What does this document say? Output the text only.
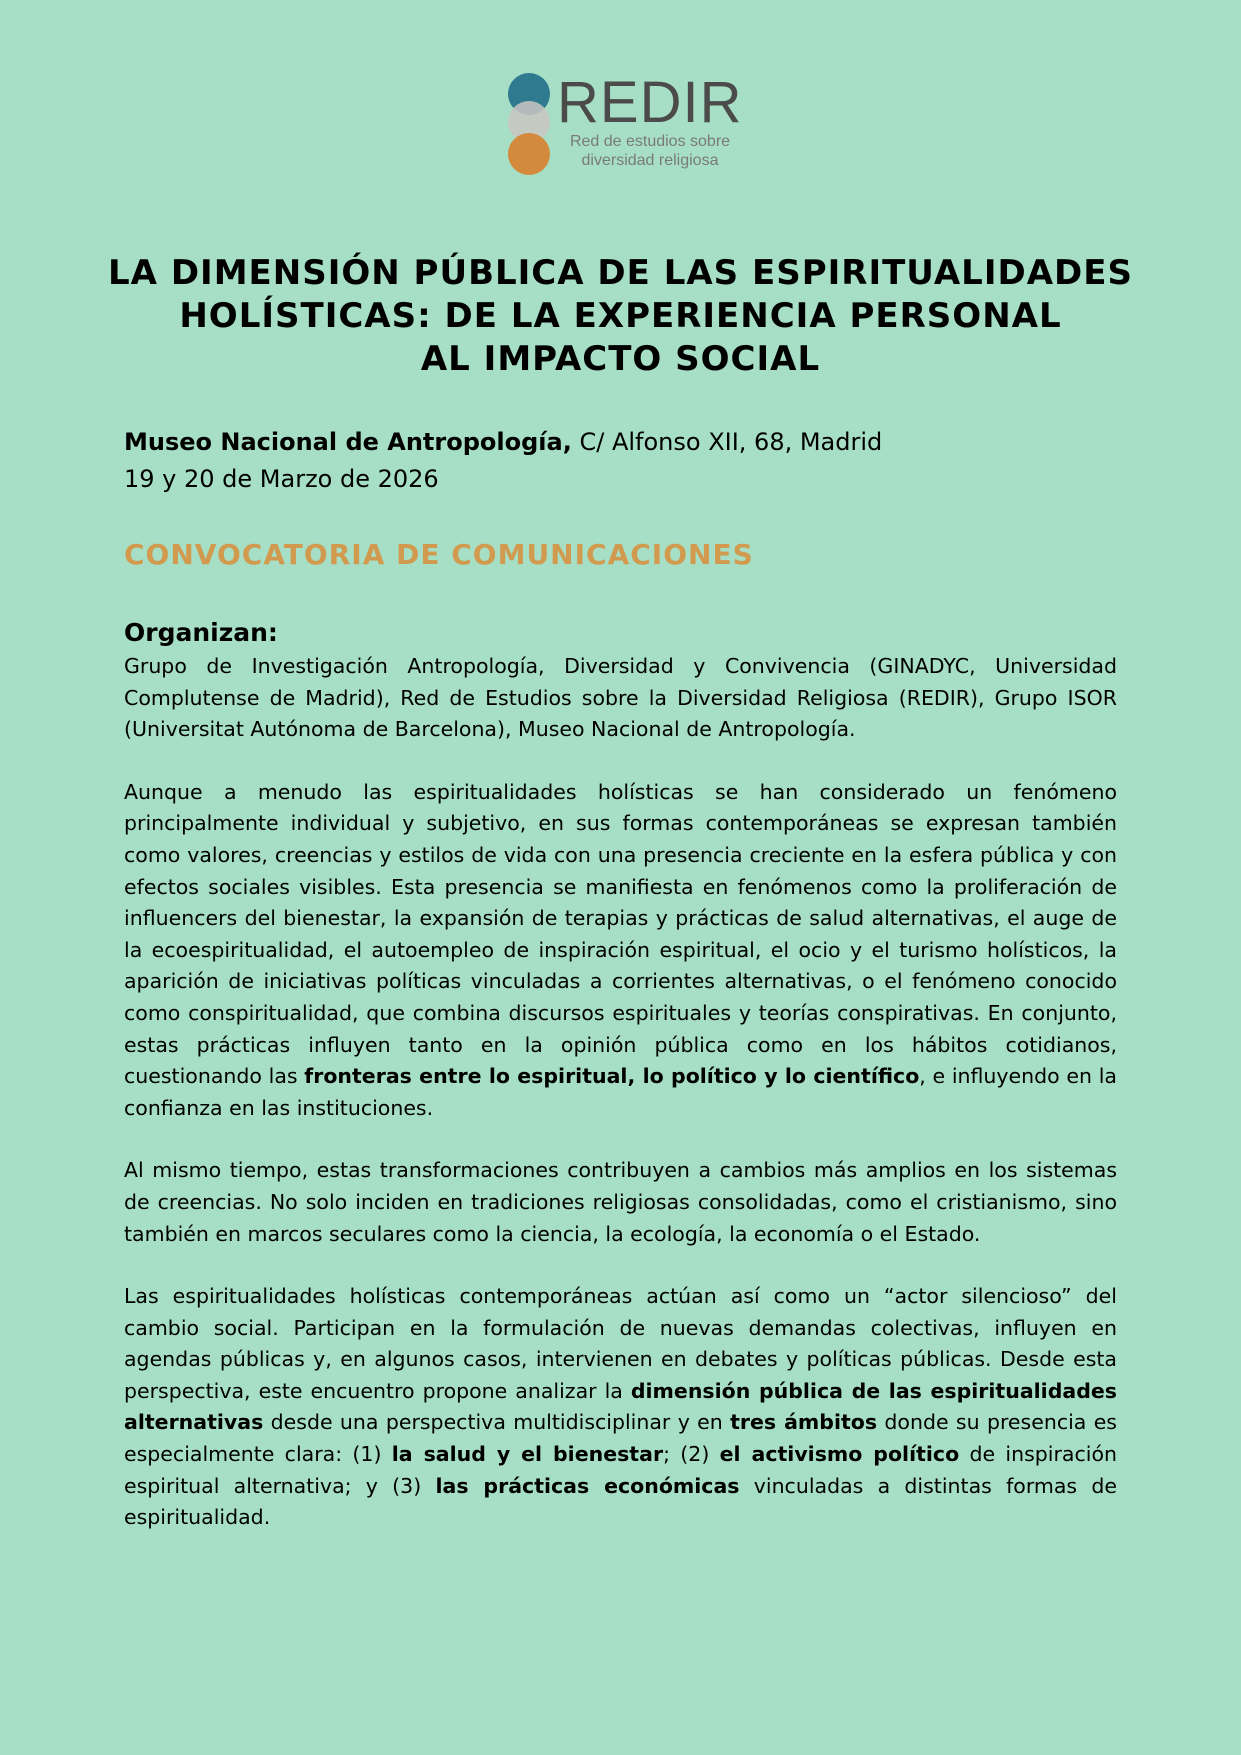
REDIR
Red de estudios sobre
diversidad religiosa
LA DIMENSIÓN PÚBLICA DE LAS ESPIRITUALIDADES
HOLÍSTICAS: DE LA EXPERIENCIA PERSONAL
AL IMPACTO SOCIAL
Museo Nacional de Antropología, C/ Alfonso XII, 68, Madrid
19 y 20 de Marzo de 2026
CONVOCATORIA DE COMUNICACIONES
Organizan:

Grupo de Investigación Antropología, Diversidad y Convivencia (GINADYC, Universidad Complutense de Madrid), Red de Estudios sobre la Diversidad Religiosa (REDIR), Grupo ISOR (Universitat Autónoma de Barcelona), Museo Nacional de Antropología.

Aunque a menudo las espiritualidades holísticas se han considerado un fenómeno principalmente individual y subjetivo, en sus formas contemporáneas se expresan también como valores, creencias y estilos de vida con una presencia creciente en la esfera pública y con efectos sociales visibles. Esta presencia se manifiesta en fenómenos como la proliferación de influencers del bienestar, la expansión de terapias y prácticas de salud alternativas, el auge de la ecoespiritualidad, el autoempleo de inspiración espiritual, el ocio y el turismo holísticos, la aparición de iniciativas políticas vinculadas a corrientes alternativas, o el fenómeno conocido como conspiritualidad, que combina discursos espirituales y teorías conspirativas. En conjunto, estas prácticas influyen tanto en la opinión pública como en los hábitos cotidianos, cuestionando las fronteras entre lo espiritual, lo político y lo científico, e influyendo en la confianza en las instituciones.

Al mismo tiempo, estas transformaciones contribuyen a cambios más amplios en los sistemas de creencias. No solo inciden en tradiciones religiosas consolidadas, como el cristianismo, sino también en marcos seculares como la ciencia, la ecología, la economía o el Estado.

Las espiritualidades holísticas contemporáneas actúan así como un “actor silencioso” del cambio social. Participan en la formulación de nuevas demandas colectivas, influyen en agendas públicas y, en algunos casos, intervienen en debates y políticas públicas. Desde esta perspectiva, este encuentro propone analizar la dimensión pública de las espiritualidades alternativas desde una perspectiva multidisciplinar y en tres ámbitos donde su presencia es especialmente clara: (1) la salud y el bienestar; (2) el activismo político de inspiración espiritual alternativa; y (3) las prácticas económicas vinculadas a distintas formas de espiritualidad.
